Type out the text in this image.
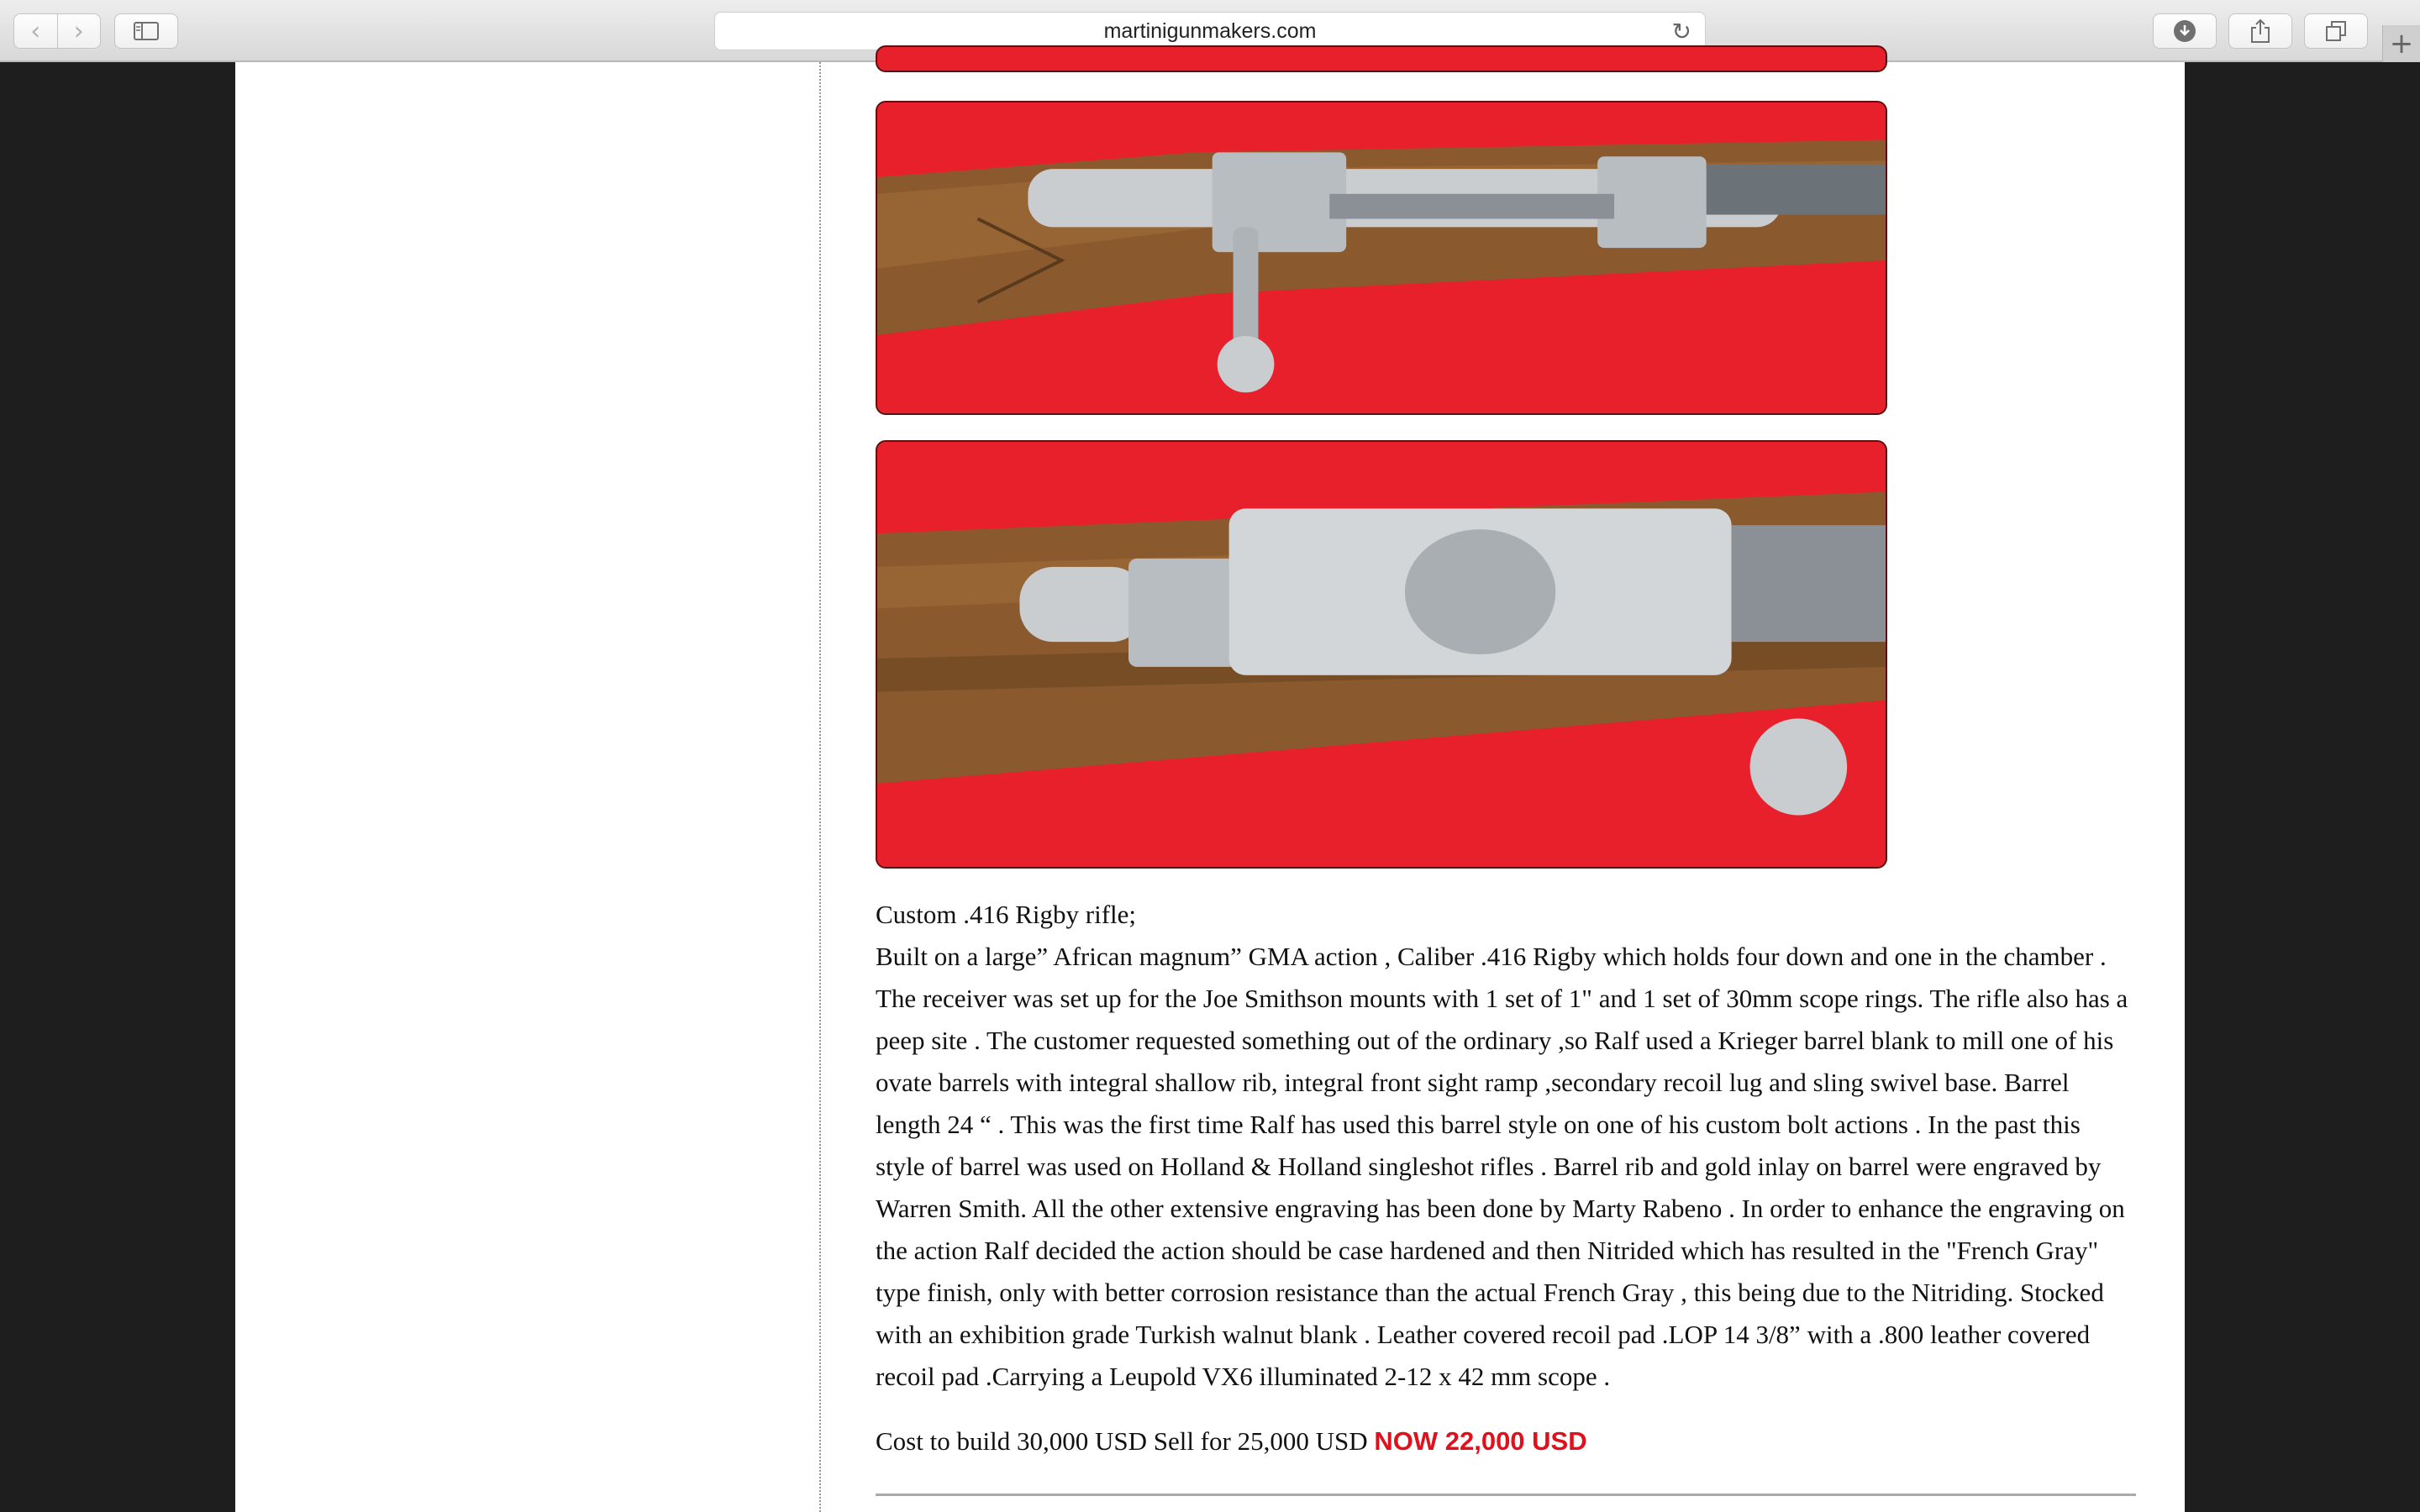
‹	›	martinigunmakers.com	↻	+

Custom .416 Rigby rifle;

Built on a large” African magnum” GMA action , Caliber .416 Rigby which holds four down and one in the chamber . The receiver was set up for the Joe Smithson mounts with 1 set of 1" and 1 set of 30mm scope rings. The rifle also has a peep site . The customer requested something out of the ordinary ,so Ralf used a Krieger barrel blank to mill one of his ovate barrels with integral shallow rib, integral front sight ramp ,secondary recoil lug and sling swivel base. Barrel length 24 “ . This was the first time Ralf has used this barrel style on one of his custom bolt actions . In the past this style of barrel was used on Holland & Holland singleshot rifles . Barrel rib and gold inlay on barrel were engraved by Warren Smith. All the other extensive engraving has been done by Marty Rabeno . In order to enhance the engraving on the action Ralf decided the action should be case hardened and then Nitrided which has resulted in the "French Gray" type finish, only with better corrosion resistance than the actual French Gray , this being due to the Nitriding. Stocked with an exhibition grade Turkish walnut blank . Leather covered recoil pad .LOP 14 3/8” with a .800 leather covered recoil pad .Carrying a Leupold VX6 illuminated 2-12 x 42 mm scope .

Cost to build 30,000 USD Sell for 25,000 USD NOW 22,000 USD
